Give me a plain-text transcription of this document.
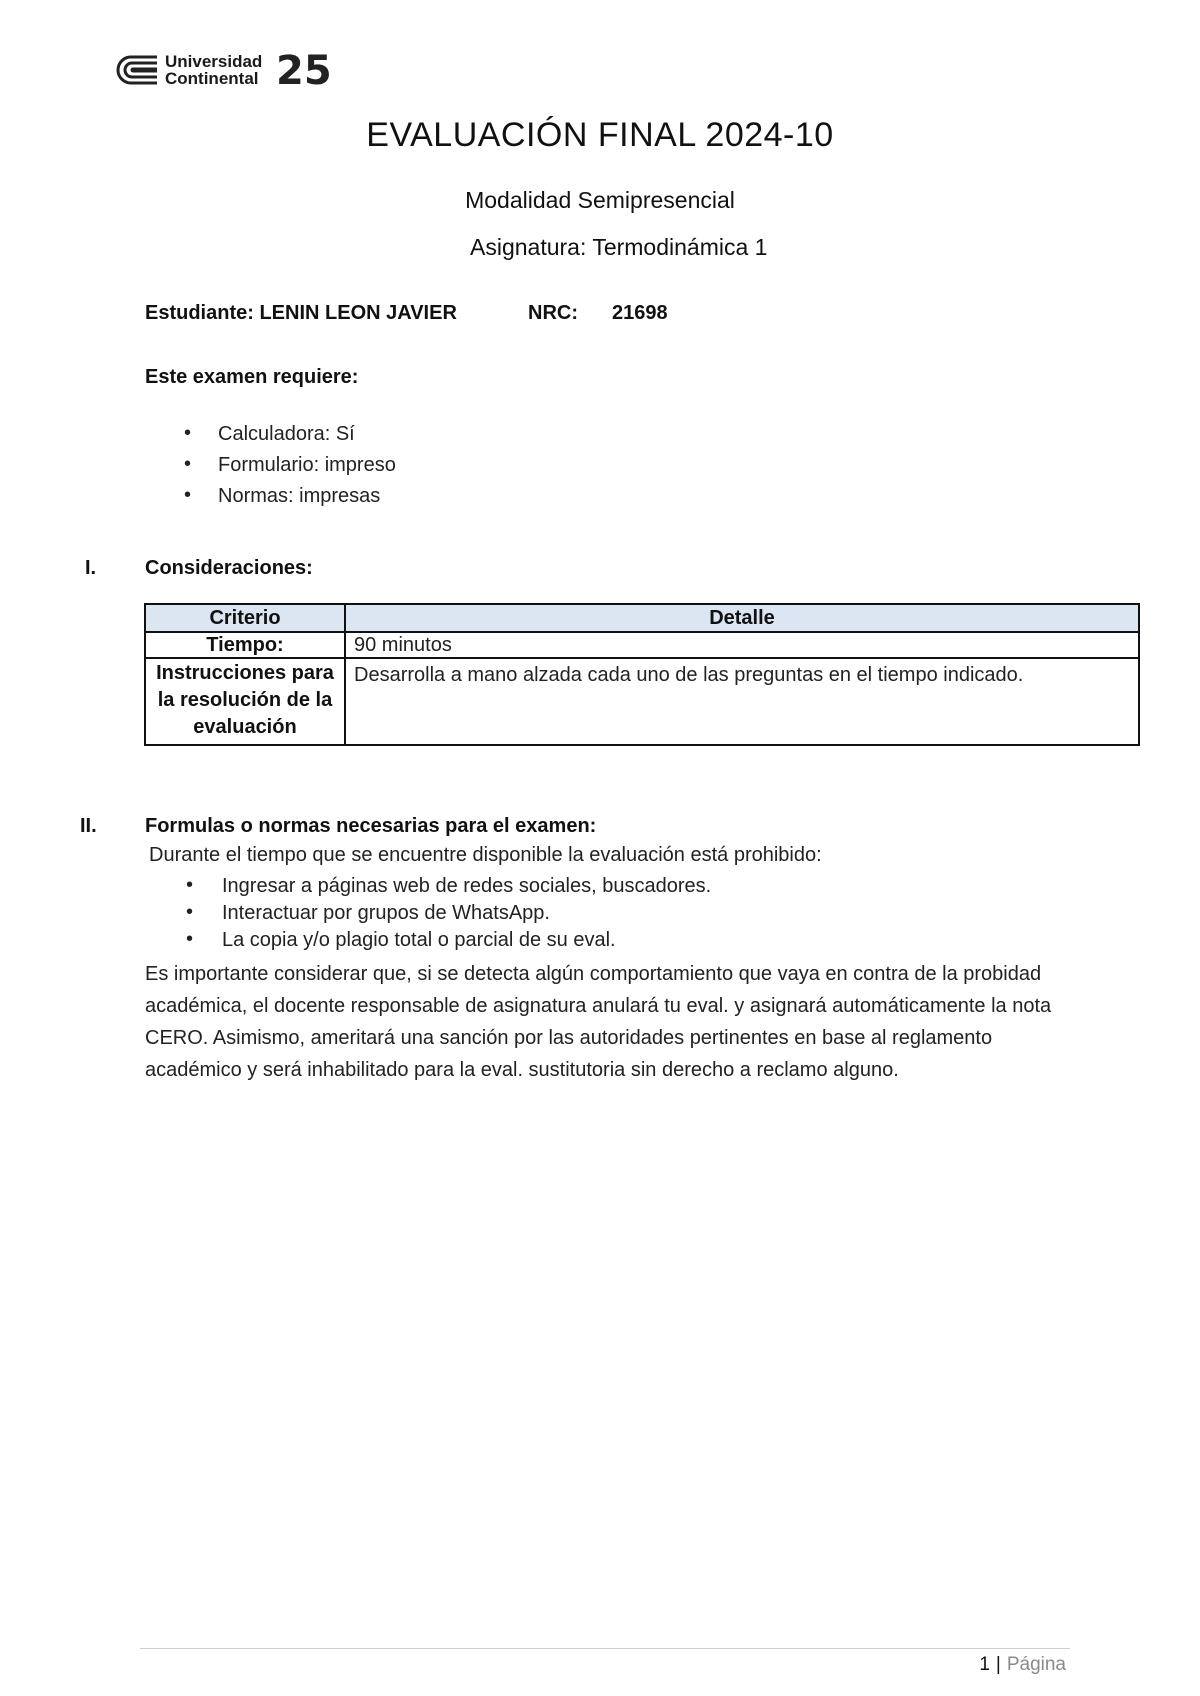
Universidad
Continental 25
EVALUACIÓN FINAL 2024-10
Modalidad Semipresencial
Asignatura: Termodinámica 1
Estudiante: LENIN LEON JAVIER	NRC: 21698
Este examen requiere:
• Calculadora: Sí
• Formulario: impreso
• Normas: impresas
I. Consideraciones:
Criterio	Detalle
Tiempo:	90 minutos
Instrucciones para la resolución de la evaluación	Desarrolla a mano alzada cada uno de las preguntas en el tiempo indicado.
II. Formulas o normas necesarias para el examen:
Durante el tiempo que se encuentre disponible la evaluación está prohibido:
• Ingresar a páginas web de redes sociales, buscadores.
• Interactuar por grupos de WhatsApp.
• La copia y/o plagio total o parcial de su eval.
Es importante considerar que, si se detecta algún comportamiento que vaya en contra de la probidad académica, el docente responsable de asignatura anulará tu eval. y asignará automáticamente la nota CERO. Asimismo, ameritará una sanción por las autoridades pertinentes en base al reglamento académico y será inhabilitado para la eval. sustitutoria sin derecho a reclamo alguno.
1 | Página
